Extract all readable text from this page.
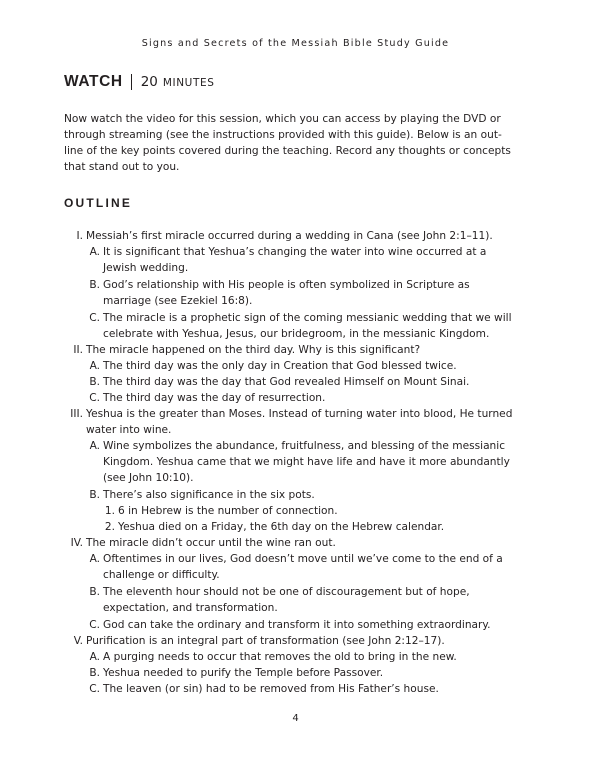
Signs and Secrets of the Messiah Bible Study Guide
WATCH 20 MINUTES
Now watch the video for this session, which you can access by playing the DVD or
through streaming (see the instructions provided with this guide). Below is an out-
line of the key points covered during the teaching. Record any thoughts or concepts
that stand out to you.
OUTLINE
I. Messiah’s first miracle occurred during a wedding in Cana (see John 2:1–11).
A. It is significant that Yeshua’s changing the water into wine occurred at a
Jewish wedding.
B. God’s relationship with His people is often symbolized in Scripture as
marriage (see Ezekiel 16:8).
C. The miracle is a prophetic sign of the coming messianic wedding that we will
celebrate with Yeshua, Jesus, our bridegroom, in the messianic Kingdom.
II. The miracle happened on the third day. Why is this significant?
A. The third day was the only day in Creation that God blessed twice.
B. The third day was the day that God revealed Himself on Mount Sinai.
C. The third day was the day of resurrection.
III. Yeshua is the greater than Moses. Instead of turning water into blood, He turned
water into wine.
A. Wine symbolizes the abundance, fruitfulness, and blessing of the messianic
Kingdom. Yeshua came that we might have life and have it more abundantly
(see John 10:10).
B. There’s also significance in the six pots.
1. 6 in Hebrew is the number of connection.
2. Yeshua died on a Friday, the 6th day on the Hebrew calendar.
IV. The miracle didn’t occur until the wine ran out.
A. Oftentimes in our lives, God doesn’t move until we’ve come to the end of a
challenge or difficulty.
B. The eleventh hour should not be one of discouragement but of hope,
expectation, and transformation.
C. God can take the ordinary and transform it into something extraordinary.
V. Purification is an integral part of transformation (see John 2:12–17).
A. A purging needs to occur that removes the old to bring in the new.
B. Yeshua needed to purify the Temple before Passover.
C. The leaven (or sin) had to be removed from His Father’s house.
4
